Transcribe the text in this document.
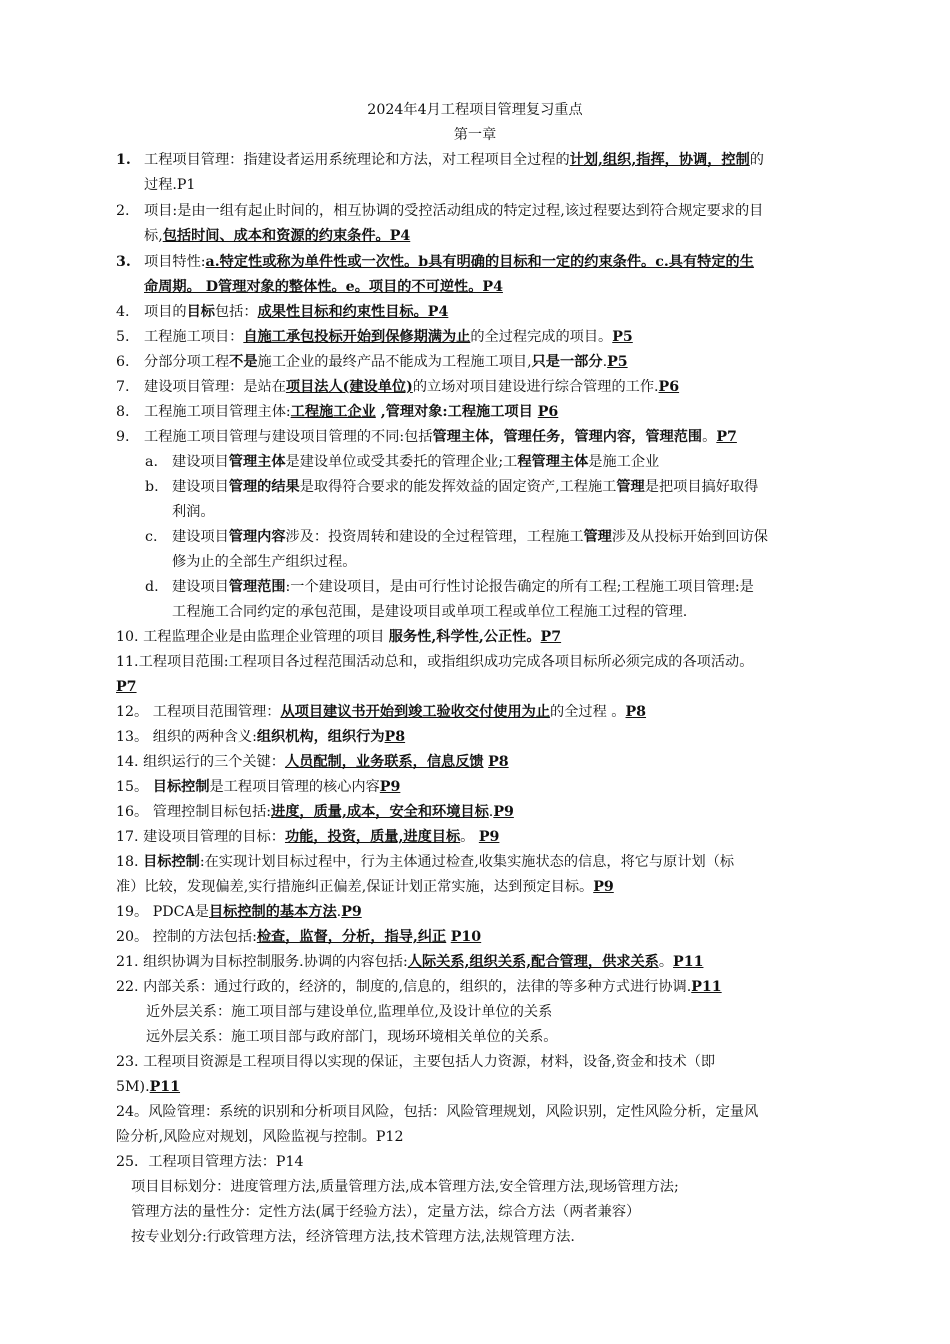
2024年4月工程项目管理复习重点
第一章
1. 工程项目管理：指建设者运用系统理论和方法，对工程项目全过程的计划,组织,指挥，协调，控制的
过程.P1
2. 项目:是由一组有起止时间的，相互协调的受控活动组成的特定过程,该过程要达到符合规定要求的目
标,包括时间、成本和资源的约束条件。P4
3. 项目特性:a.特定性或称为单件性或一次性。b具有明确的目标和一定的约束条件。c.具有特定的生
命周期。 D管理对象的整体性。e。项目的不可逆性。P4
4. 项目的目标包括：成果性目标和约束性目标。P4
5. 工程施工项目：自施工承包投标开始到保修期满为止的全过程完成的项目。P5
6. 分部分项工程不是施工企业的最终产品不能成为工程施工项目,只是一部分.P5
7. 建设项目管理：是站在项目法人(建设单位)的立场对项目建设进行综合管理的工作.P6
8. 工程施工项目管理主体:工程施工企业 ,管理对象:工程施工项目 P6
9. 工程施工项目管理与建设项目管理的不同:包括管理主体，管理任务，管理内容，管理范围。P7
a. 建设项目管理主体是建设单位或受其委托的管理企业;工程管理主体是施工企业
b. 建设项目管理的结果是取得符合要求的能发挥效益的固定资产,工程施工管理是把项目搞好取得
利润。
c. 建设项目管理内容涉及：投资周转和建设的全过程管理，工程施工管理涉及从投标开始到回访保
修为止的全部生产组织过程。
d. 建设项目管理范围:一个建设项目，是由可行性讨论报告确定的所有工程;工程施工项目管理:是
工程施工合同约定的承包范围，是建设项目或单项工程或单位工程施工过程的管理.
10. 工程监理企业是由监理企业管理的项目 服务性,科学性,公正性。P7
11.工程项目范围:工程项目各过程范围活动总和，或指组织成功完成各项目标所必须完成的各项活动。
P7
12。 工程项目范围管理：从项目建议书开始到竣工验收交付使用为止的全过程 。P8
13。 组织的两种含义:组织机构，组织行为P8
14. 组织运行的三个关键：人员配制，业务联系，信息反馈 P8
15。 目标控制是工程项目管理的核心内容P9
16。 管理控制目标包括:进度，质量,成本，安全和环境目标.P9
17. 建设项目管理的目标：功能，投资，质量,进度目标。 P9
18. 目标控制:在实现计划目标过程中，行为主体通过检查,收集实施状态的信息，将它与原计划（标
准）比较，发现偏差,实行措施纠正偏差,保证计划正常实施，达到预定目标。P9
19。 PDCA是目标控制的基本方法.P9
20。 控制的方法包括:检查，监督，分析，指导,纠正 P10
21. 组织协调为目标控制服务.协调的内容包括:人际关系,组织关系,配合管理，供求关系。P11
22. 内部关系：通过行政的，经济的，制度的,信息的，组织的，法律的等多种方式进行协调.P11
近外层关系：施工项目部与建设单位,监理单位,及设计单位的关系
远外层关系：施工项目部与政府部门，现场环境相关单位的关系。
23. 工程项目资源是工程项目得以实现的保证，主要包括人力资源，材料，设备,资金和技术（即
5M).P11
24。风险管理：系统的识别和分析项目风险，包括：风险管理规划，风险识别，定性风险分析，定量风
险分析,风险应对规划，风险监视与控制。P12
25．工程项目管理方法：P14
项目目标划分：进度管理方法,质量管理方法,成本管理方法,安全管理方法,现场管理方法;
管理方法的量性分：定性方法(属于经验方法），定量方法，综合方法（两者兼容）
按专业划分:行政管理方法，经济管理方法,技术管理方法,法规管理方法.
